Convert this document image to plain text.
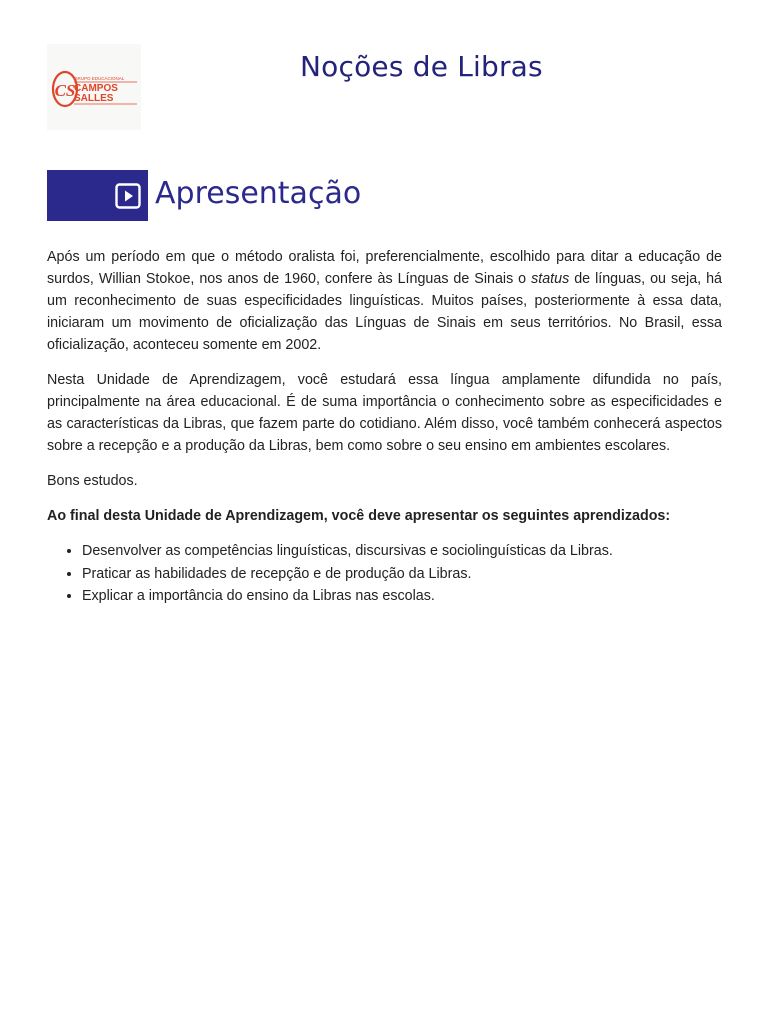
CS
GRUPO EDUCACIONAL
CAMPOS
SALLES
Noções de Libras
Apresentação

Após um período em que o método oralista foi, preferencialmente, escolhido para ditar a educação de surdos, Willian Stokoe, nos anos de 1960, confere às Línguas de Sinais o status de línguas, ou seja, há um reconhecimento de suas especificidades linguísticas. Muitos países, posteriormente à essa data, iniciaram um movimento de oficialização das Línguas de Sinais em seus territórios. No Brasil, essa oficialização, aconteceu somente em 2002.

Nesta Unidade de Aprendizagem, você estudará essa língua amplamente difundida no país, principalmente na área educacional. É de suma importância o conhecimento sobre as especificidades e as características da Libras, que fazem parte do cotidiano. Além disso, você também conhecerá aspectos sobre a recepção e a produção da Libras, bem como sobre o seu ensino em ambientes escolares.

Bons estudos.

Ao final desta Unidade de Aprendizagem, você deve apresentar os seguintes aprendizados:

• Desenvolver as competências linguísticas, discursivas e sociolinguísticas da Libras.
• Praticar as habilidades de recepção e de produção da Libras.
• Explicar a importância do ensino da Libras nas escolas.
